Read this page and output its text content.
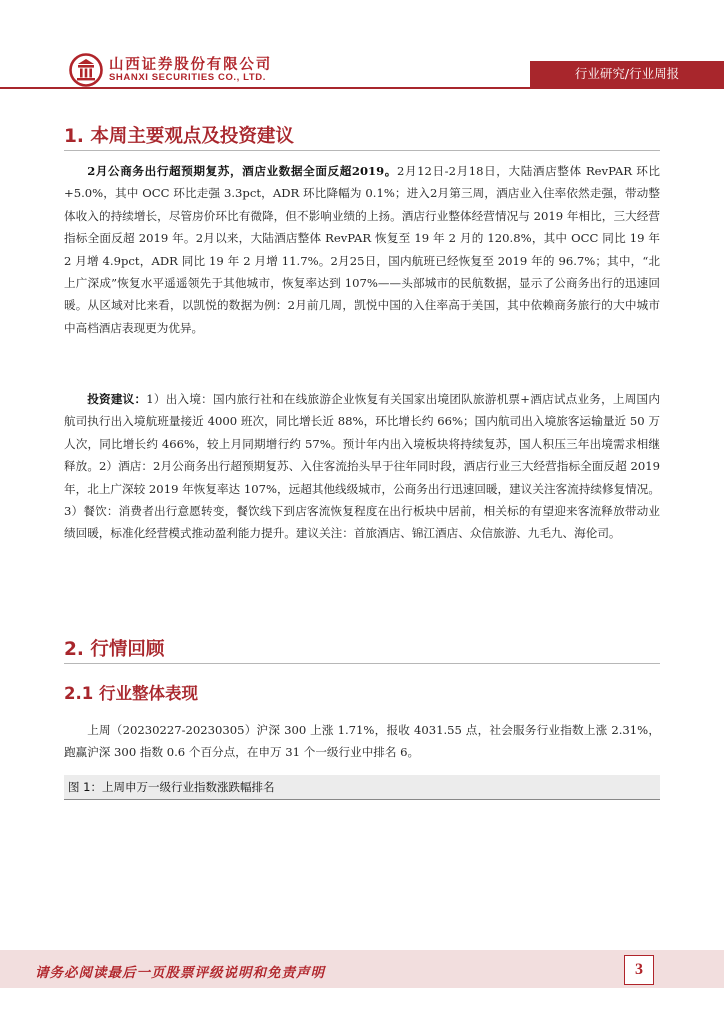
山西证券股份有限公司
SHANXI SECURITIES CO., LTD.	行业研究/行业周报
1. 本周主要观点及投资建议
2月公商务出行超预期复苏，酒店业数据全面反超2019。2月12日-2月18日，大陆酒店整体 RevPAR 环比+5.0%，其中 OCC 环比走强 3.3pct，ADR 环比降幅为 0.1%；进入2月第三周，酒店业入住率依然走强，带动整体收入的持续增长，尽管房价环比有微降，但不影响业绩的上扬。酒店行业整体经营情况与 2019 年相比，三大经营指标全面反超 2019 年。2月以来，大陆酒店整体 RevPAR 恢复至 19 年 2 月的 120.8%，其中 OCC 同比 19 年 2 月增 4.9pct，ADR 同比 19 年 2 月增 11.7%。2月25日，国内航班已经恢复至 2019 年的 96.7%；其中，“北上广深成”恢复水平遥遥领先于其他城市，恢复率达到 107%——头部城市的民航数据，显示了公商务出行的迅速回暖。从区域对比来看，以凯悦的数据为例：2月前几周，凯悦中国的入住率高于美国，其中依赖商务旅行的大中城市中高档酒店表现更为优异。
投资建议：1）出入境：国内旅行社和在线旅游企业恢复有关国家出境团队旅游机票+酒店试点业务，上周国内航司执行出入境航班量接近 4000 班次，同比增长近 88%，环比增长约 66%；国内航司出入境旅客运输量近 50 万人次，同比增长约 466%，较上月同期增行约 57%。预计年内出入境板块将持续复苏，国人积压三年出境需求相继释放。2）酒店：2月公商务出行超预期复苏、入住客流抬头早于往年同时段，酒店行业三大经营指标全面反超 2019 年，北上广深较 2019 年恢复率达 107%，远超其他线级城市，公商务出行迅速回暖，建议关注客流持续修复情况。3）餐饮：消费者出行意愿转变，餐饮线下到店客流恢复程度在出行板块中居前，相关标的有望迎来客流释放带动业绩回暖，标准化经营模式推动盈利能力提升。建议关注：首旅酒店、锦江酒店、众信旅游、九毛九、海伦司。
2. 行情回顾
2.1 行业整体表现
上周（20230227-20230305）沪深 300 上涨 1.71%，报收 4031.55 点，社会服务行业指数上涨 2.31%，跑赢沪深 300 指数 0.6 个百分点，在申万 31 个一级行业中排名 6。
图 1：上周申万一级行业指数涨跌幅排名
请务必阅读最后一页股票评级说明和免责声明	3
